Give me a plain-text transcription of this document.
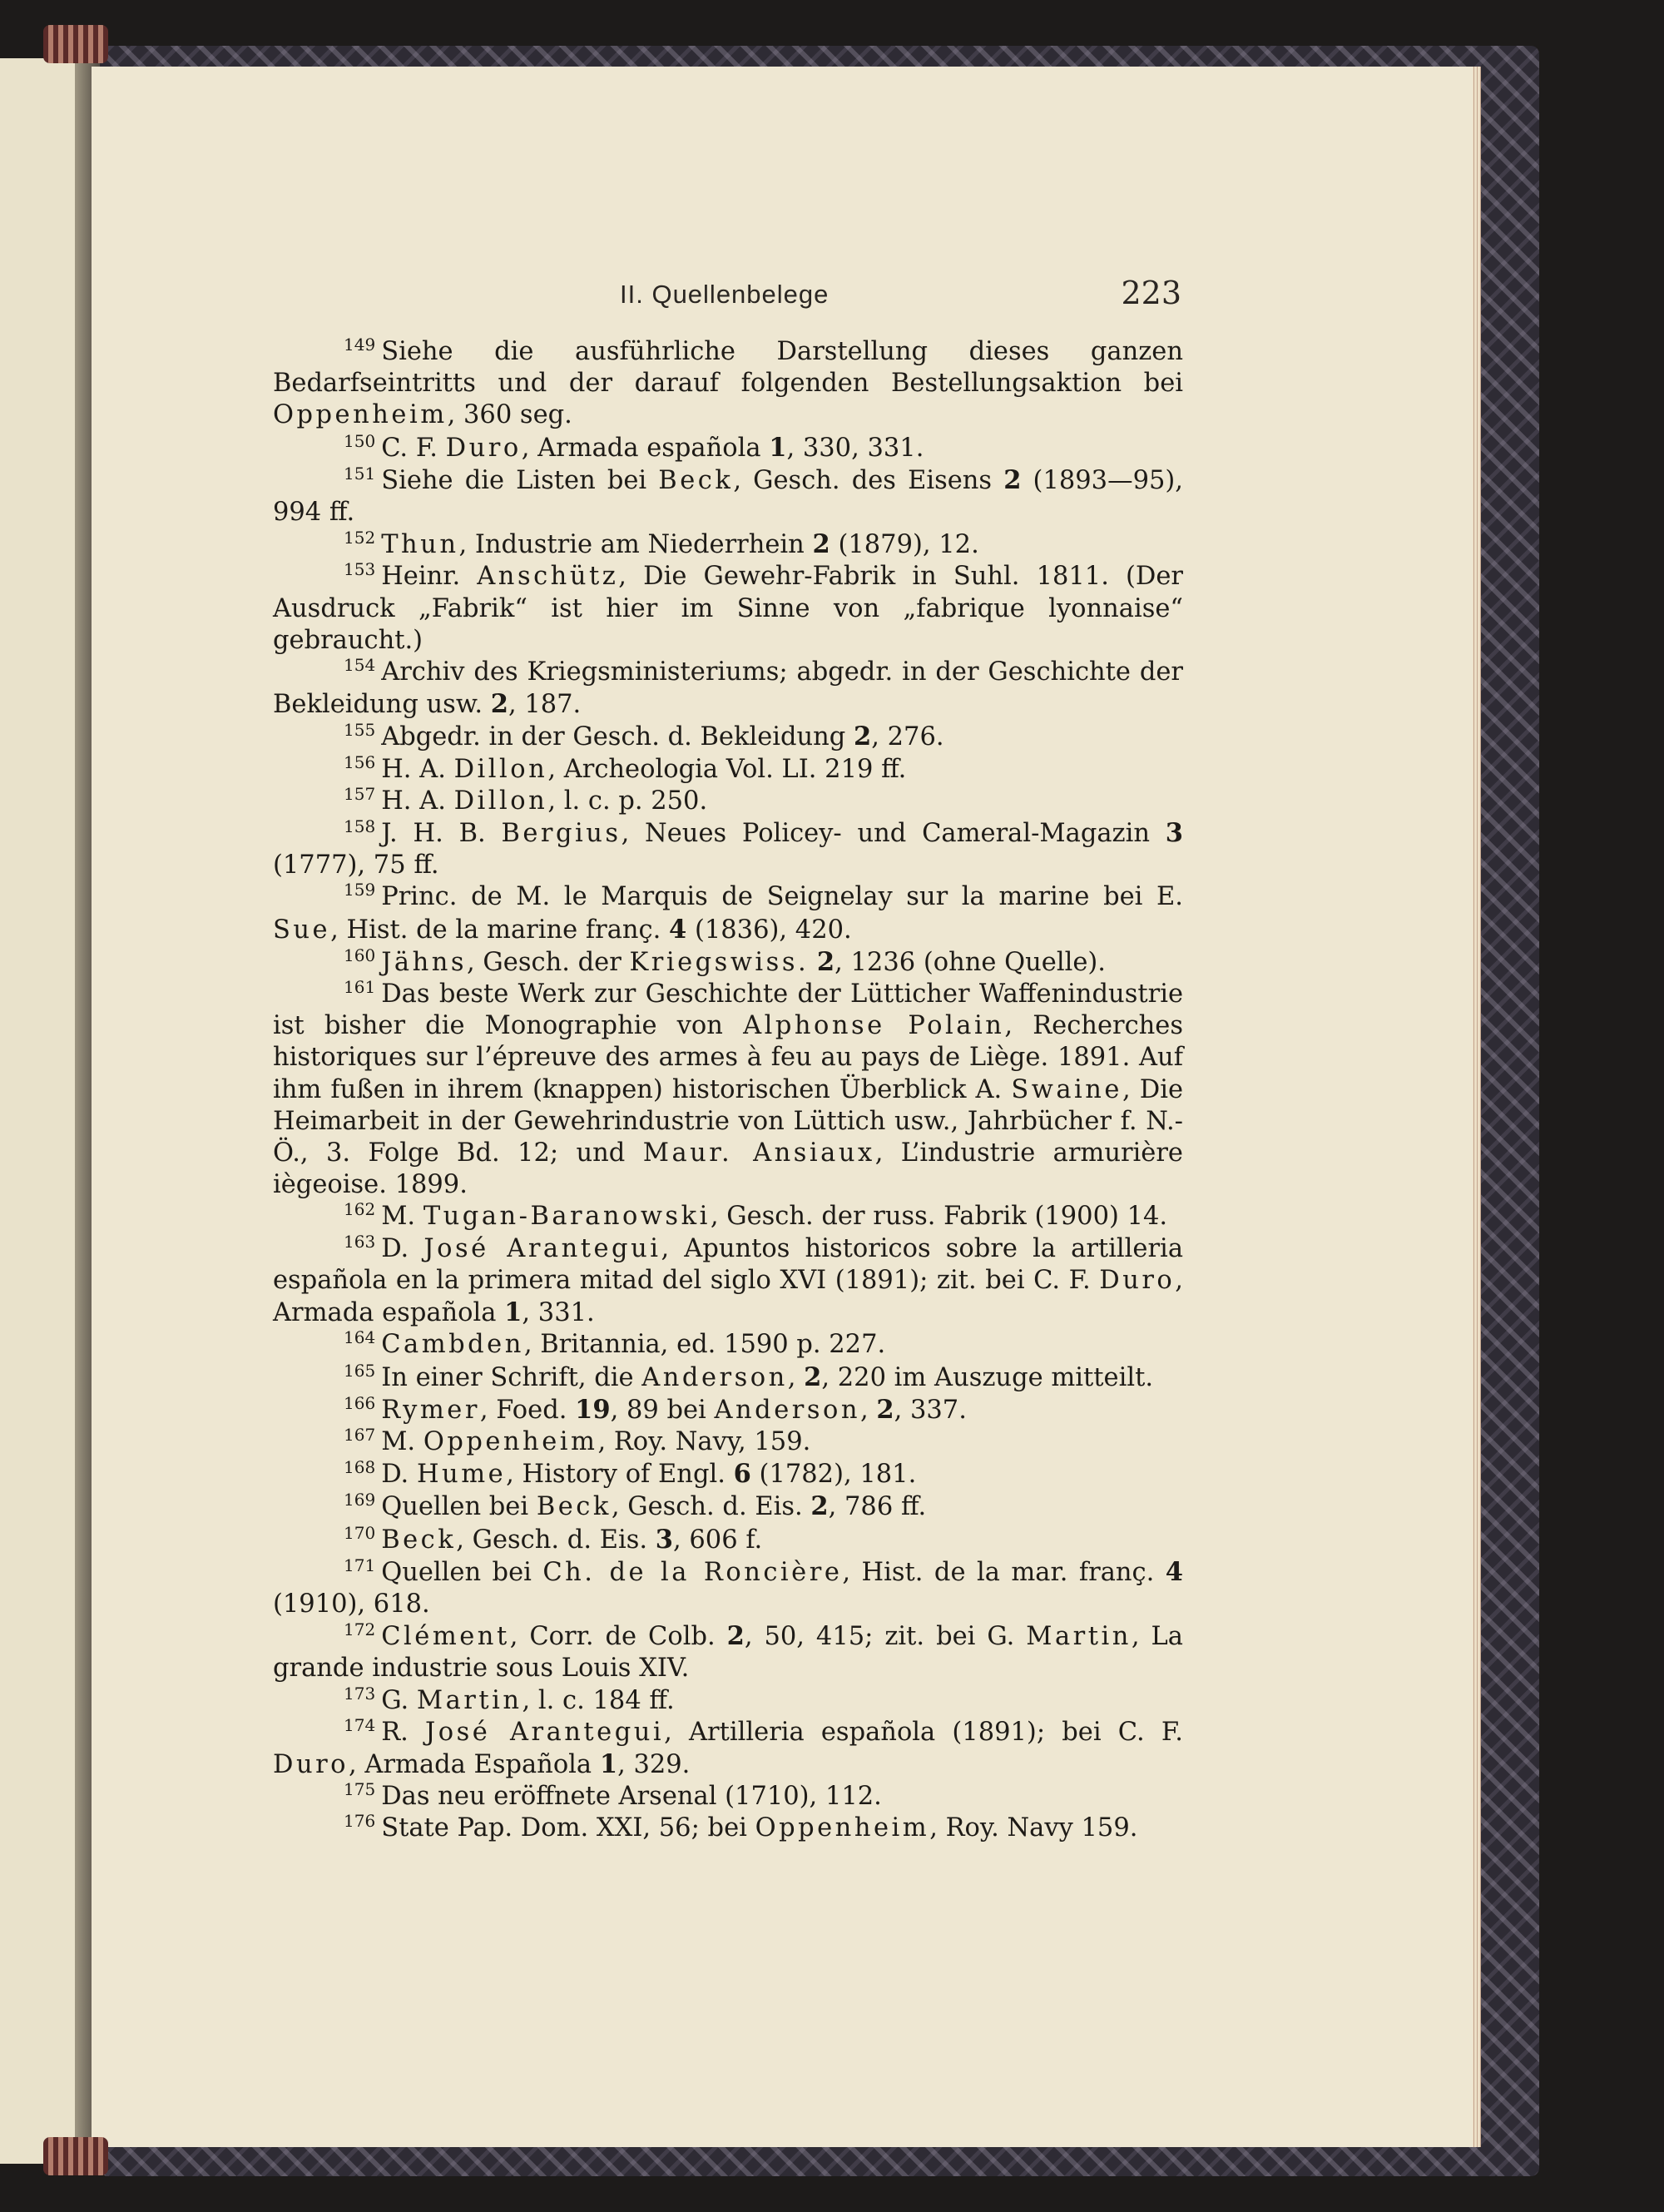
II. Quellenbelege	223

$^{149}$ Siehe die ausführliche Darstellung dieses ganzen Bedarfseintritts und der darauf folgenden Bestellungsaktion bei Oppenheim, 360 seg.

$^{150}$ C. F. Duro, Armada española 1, 330, 331.

$^{151}$ Siehe die Listen bei Beck, Gesch. des Eisens 2 (1893—95), 994 ff.

$^{152}$ Thun, Industrie am Niederrhein 2 (1879), 12.

$^{153}$ Heinr. Anschütz, Die Gewehr-Fabrik in Suhl. 1811. (Der Ausdruck „Fabrik“ ist hier im Sinne von „fabrique lyonnaise“ gebraucht.)

$^{154}$ Archiv des Kriegsministeriums; abgedr. in der Geschichte der Bekleidung usw. 2, 187.

$^{155}$ Abgedr. in der Gesch. d. Bekleidung 2, 276.

$^{156}$ H. A. Dillon, Archeologia Vol. LI. 219 ff.

$^{157}$ H. A. Dillon, l. c. p. 250.

$^{158}$ J. H. B. Bergius, Neues Policey- und Cameral-Magazin 3 (1777), 75 ff.

$^{159}$ Princ. de M. le Marquis de Seignelay sur la marine bei E. Sue, Hist. de la marine franç. 4 (1836), 420.

$^{160}$ Jähns, Gesch. der Kriegswiss. 2, 1236 (ohne Quelle).

$^{161}$ Das beste Werk zur Geschichte der Lütticher Waffenindustrie ist bisher die Monographie von Alphonse Polain, Recherches historiques sur l’épreuve des armes à feu au pays de Liège. 1891. Auf ihm fußen in ihrem (knappen) historischen Überblick A. Swaine, Die Heimarbeit in der Gewehrindustrie von Lüttich usw., Jahrbücher f. N.-Ö., 3. Folge Bd. 12; und Maur. Ansiaux, L’industrie armurière iègeoise. 1899.

$^{162}$ M. Tugan-Baranowski, Gesch. der russ. Fabrik (1900) 14.

$^{163}$ D. José Arantegui, Apuntos historicos sobre la artilleria española en la primera mitad del siglo XVI (1891); zit. bei C. F. Duro, Armada española 1, 331.

$^{164}$ Cambden, Britannia, ed. 1590 p. 227.

$^{165}$ In einer Schrift, die Anderson, 2, 220 im Auszuge mitteilt.

$^{166}$ Rymer, Foed. 19, 89 bei Anderson, 2, 337.

$^{167}$ M. Oppenheim, Roy. Navy, 159.

$^{168}$ D. Hume, History of Engl. 6 (1782), 181.

$^{169}$ Quellen bei Beck, Gesch. d. Eis. 2, 786 ff.

$^{170}$ Beck, Gesch. d. Eis. 3, 606 f.

$^{171}$ Quellen bei Ch. de la Roncière, Hist. de la mar. franç. 4 (1910), 618.

$^{172}$ Clément, Corr. de Colb. 2, 50, 415; zit. bei G. Martin, La grande industrie sous Louis XIV.

$^{173}$ G. Martin, l. c. 184 ff.

$^{174}$ R. José Arantegui, Artilleria española (1891); bei C. F. Duro, Armada Española 1, 329.

$^{175}$ Das neu eröffnete Arsenal (1710), 112.

$^{176}$ State Pap. Dom. XXI, 56; bei Oppenheim, Roy. Navy 159.
